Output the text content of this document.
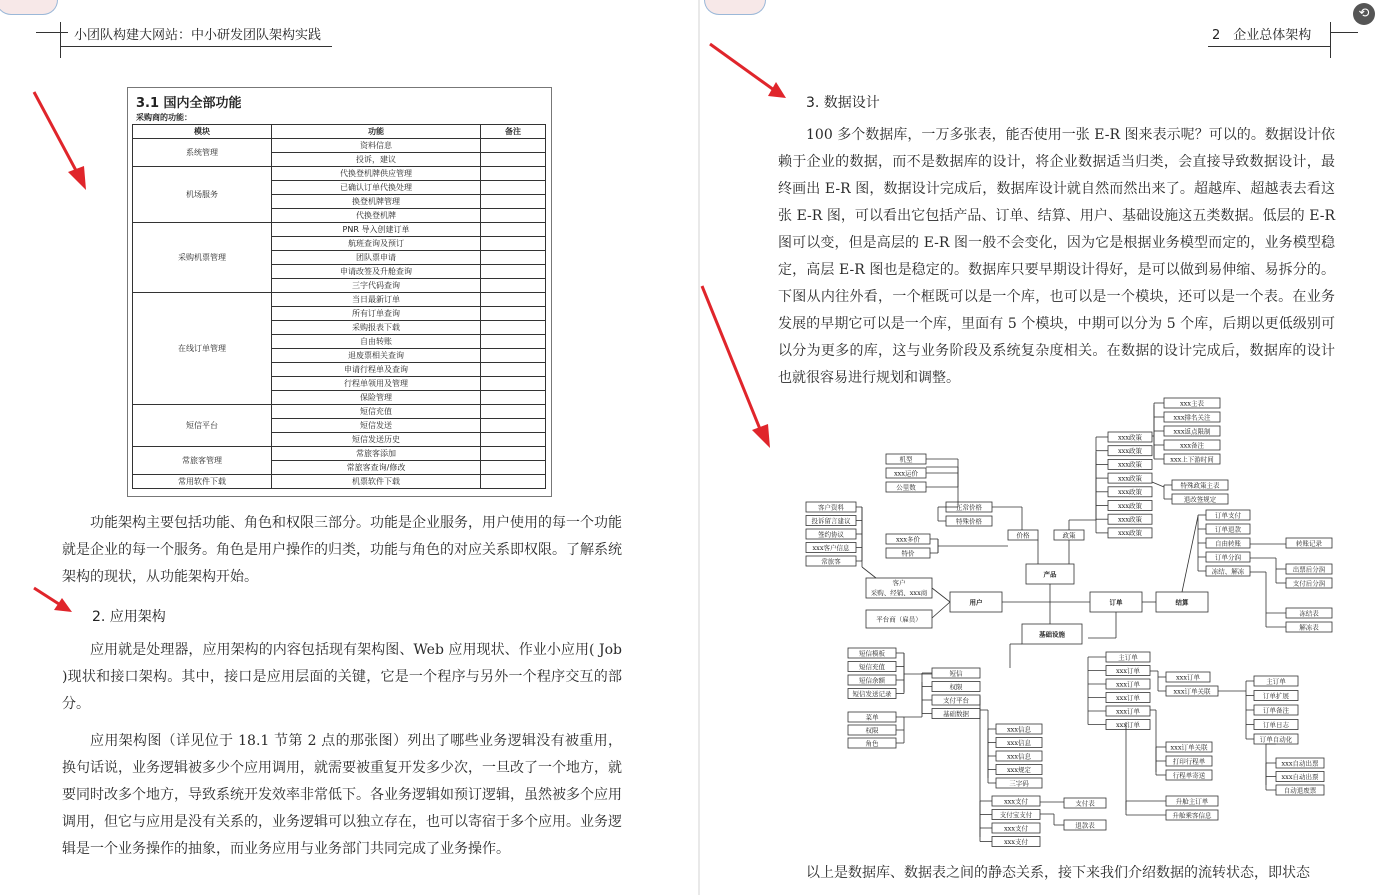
小团队构建大网站：中小研发团队架构实践
3.1 国内全部功能
采购商的功能：
模块	功能	备注
系统管理	资料信息	
	投诉，建议	
机场服务	代换登机牌供应管理	
	已确认订单代换处理	
	换登机牌管理	
	代换登机牌	
采购机票管理	PNR 导入创建订单	
	航班查询及预订	
	团队票申请	
	申请改签及升舱查询	
	三字代码查询	
在线订单管理	当日最新订单	
	所有订单查询	
	采购报表下载	
	自由转账	
	退废票相关查询	
	申请行程单及查询	
	行程单领用及管理	
	保险管理	
短信平台	短信充值	
	短信发送	
	短信发送历史	
常旅客管理	常旅客添加	
	常旅客查询/修改	
常用软件下载	机票软件下载	
功能架构主要包括功能、角色和权限三部分。功能是企业服务，用户使用的每一个功能就是企业的每一个服务。角色是用户操作的归类，功能与角色的对应关系即权限。了解系统架构的现状，从功能架构开始。
2. 应用架构
应用就是处理器，应用架构的内容包括现有架构图、Web 应用现状、作业小应用( Job )现状和接口架构。其中，接口是应用层面的关键，它是一个程序与另外一个程序交互的部分。
应用架构图（详见位于 18.1 节第 2 点的那张图）列出了哪些业务逻辑没有被重用，换句话说，业务逻辑被多少个应用调用，就需要被重复开发多少次，一旦改了一个地方，就要同时改多个地方，导致系统开发效率非常低下。各业务逻辑如预订逻辑，虽然被多个应用调用，但它与应用是没有关系的，业务逻辑可以独立存在，也可以寄宿于多个应用。业务逻辑是一个业务操作的抽象，而业务应用与业务部门共同完成了业务操作。
2　企业总体架构
⟲
3. 数据设计
100 多个数据库，一万多张表，能否使用一张 E-R 图来表示呢？可以的。数据设计依赖于企业的数据，而不是数据库的设计，将企业数据适当归类，会直接导致数据设计，最终画出 E-R 图，数据设计完成后，数据库设计就自然而然出来了。超越库、超越表去看这张 E-R 图，可以看出它包括产品、订单、结算、用户、基础设施这五类数据。低层的 E-R 图可以变，但是高层的 E-R 图一般不会变化，因为它是根据业务模型而定的，业务模型稳定，高层 E-R 图也是稳定的。数据库只要早期设计得好，是可以做到易伸缩、易拆分的。下图从内往外看，一个框既可以是一个库，也可以是一个模块，还可以是一个表。在业务发展的早期它可以是一个库，里面有 5 个模块，中期可以分为 5 个库，后期以更低级别可以分为更多的库，这与业务阶段及系统复杂度相关。在数据的设计完成后，数据库的设计也就很容易进行规划和调整。
xxx主表
xxx排名关注
xxx返点限制
xxx备注
xxx上下游时间
xxx政策
xxx政策
xxx政策
xxx政策
xxx政策
xxx政策
xxx政策
xxx政策
特殊政策主表
退改签规定
机型
xxx运价
公里数
正常价格
特殊价格
价格	政策
xxx多价
特价
产品
用户	订单	结算
基础设施
客户资料
投诉留言建议
签约协议
xxx客户信息
常旅客
客户
采购、经销、xxx商
平台商（雇员）
订单支付
订单退款
自由转账
订单分润
冻结、解冻
转账记录
出票后分润
支付后分润
冻结表
解冻表
短信模板
短信充值
短信余额
短信发送记录
短信
权限
支付平台
基础数据
菜单
权限
角色
xxx信息
xxx信息
xxx信息
xxx规定
三字码
xxx支付
支付宝支付
xxx支付
xxx支付
支付表
退款表
主订单
xxx订单
xxx订单
xxx订单
xxx订单
xxx订单
xxx订单
xxx订单关联
主订单
订单扩展
订单备注
订单日志
订单自动化
xxx自动出票
xxx自动出票
自动退废票
xxx订单关联
打印行程单
行程单寄送
升舱主订单
升舱乘客信息
以上是数据库、数据表之间的静态关系，接下来我们介绍数据的流转状态，即状态
